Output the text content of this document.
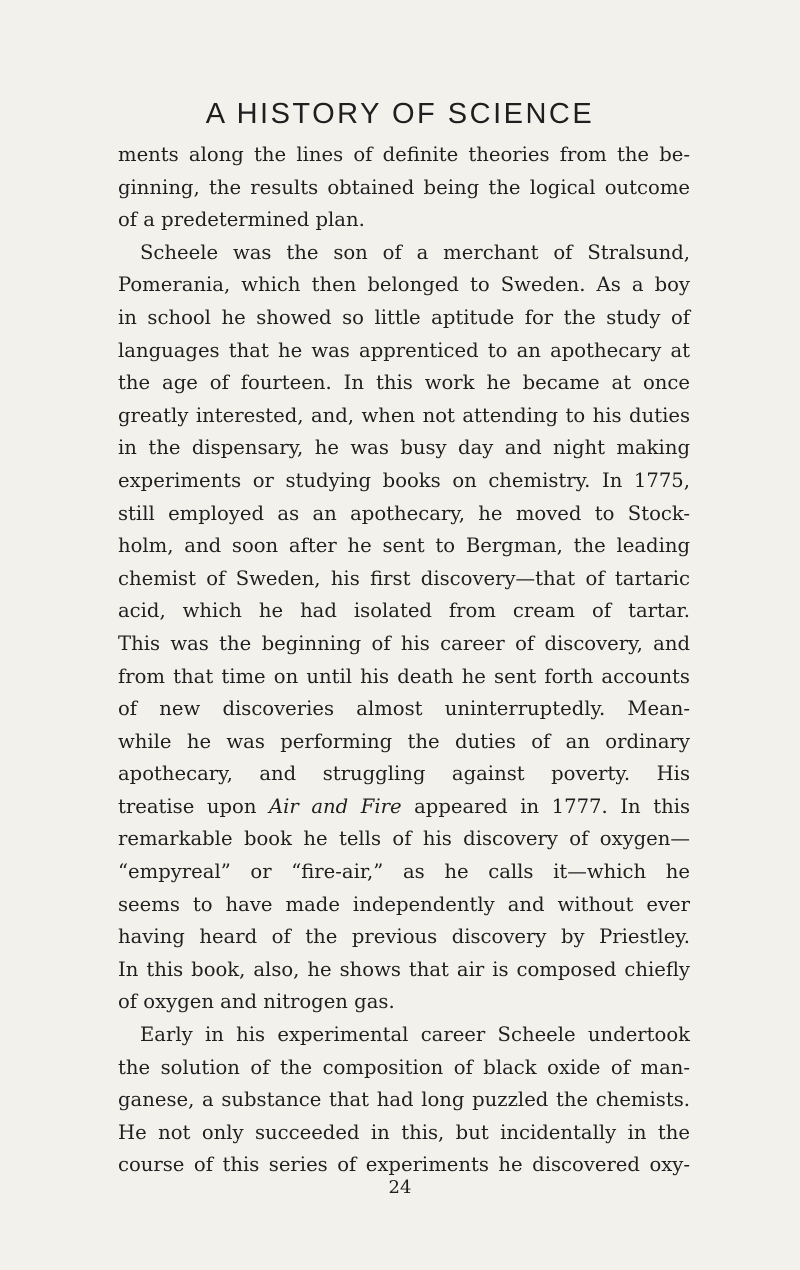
A HISTORY OF SCIENCE
ments along the lines of definite theories from the be-
ginning, the results obtained being the logical outcome
of a predetermined plan.
Scheele was the son of a merchant of Stralsund,
Pomerania, which then belonged to Sweden. As a boy
in school he showed so little aptitude for the study of
languages that he was apprenticed to an apothecary at
the age of fourteen. In this work he became at once
greatly interested, and, when not attending to his duties
in the dispensary, he was busy day and night making
experiments or studying books on chemistry. In 1775,
still employed as an apothecary, he moved to Stock-
holm, and soon after he sent to Bergman, the leading
chemist of Sweden, his first discovery—that of tartaric
acid, which he had isolated from cream of tartar.
This was the beginning of his career of discovery, and
from that time on until his death he sent forth accounts
of new discoveries almost uninterruptedly. Mean-
while he was performing the duties of an ordinary
apothecary, and struggling against poverty. His
treatise upon Air and Fire appeared in 1777. In this
remarkable book he tells of his discovery of oxygen—
“empyreal” or “fire-air,” as he calls it—which he
seems to have made independently and without ever
having heard of the previous discovery by Priestley.
In this book, also, he shows that air is composed chiefly
of oxygen and nitrogen gas.
Early in his experimental career Scheele undertook
the solution of the composition of black oxide of man-
ganese, a substance that had long puzzled the chemists.
He not only succeeded in this, but incidentally in the
course of this series of experiments he discovered oxy-
24
